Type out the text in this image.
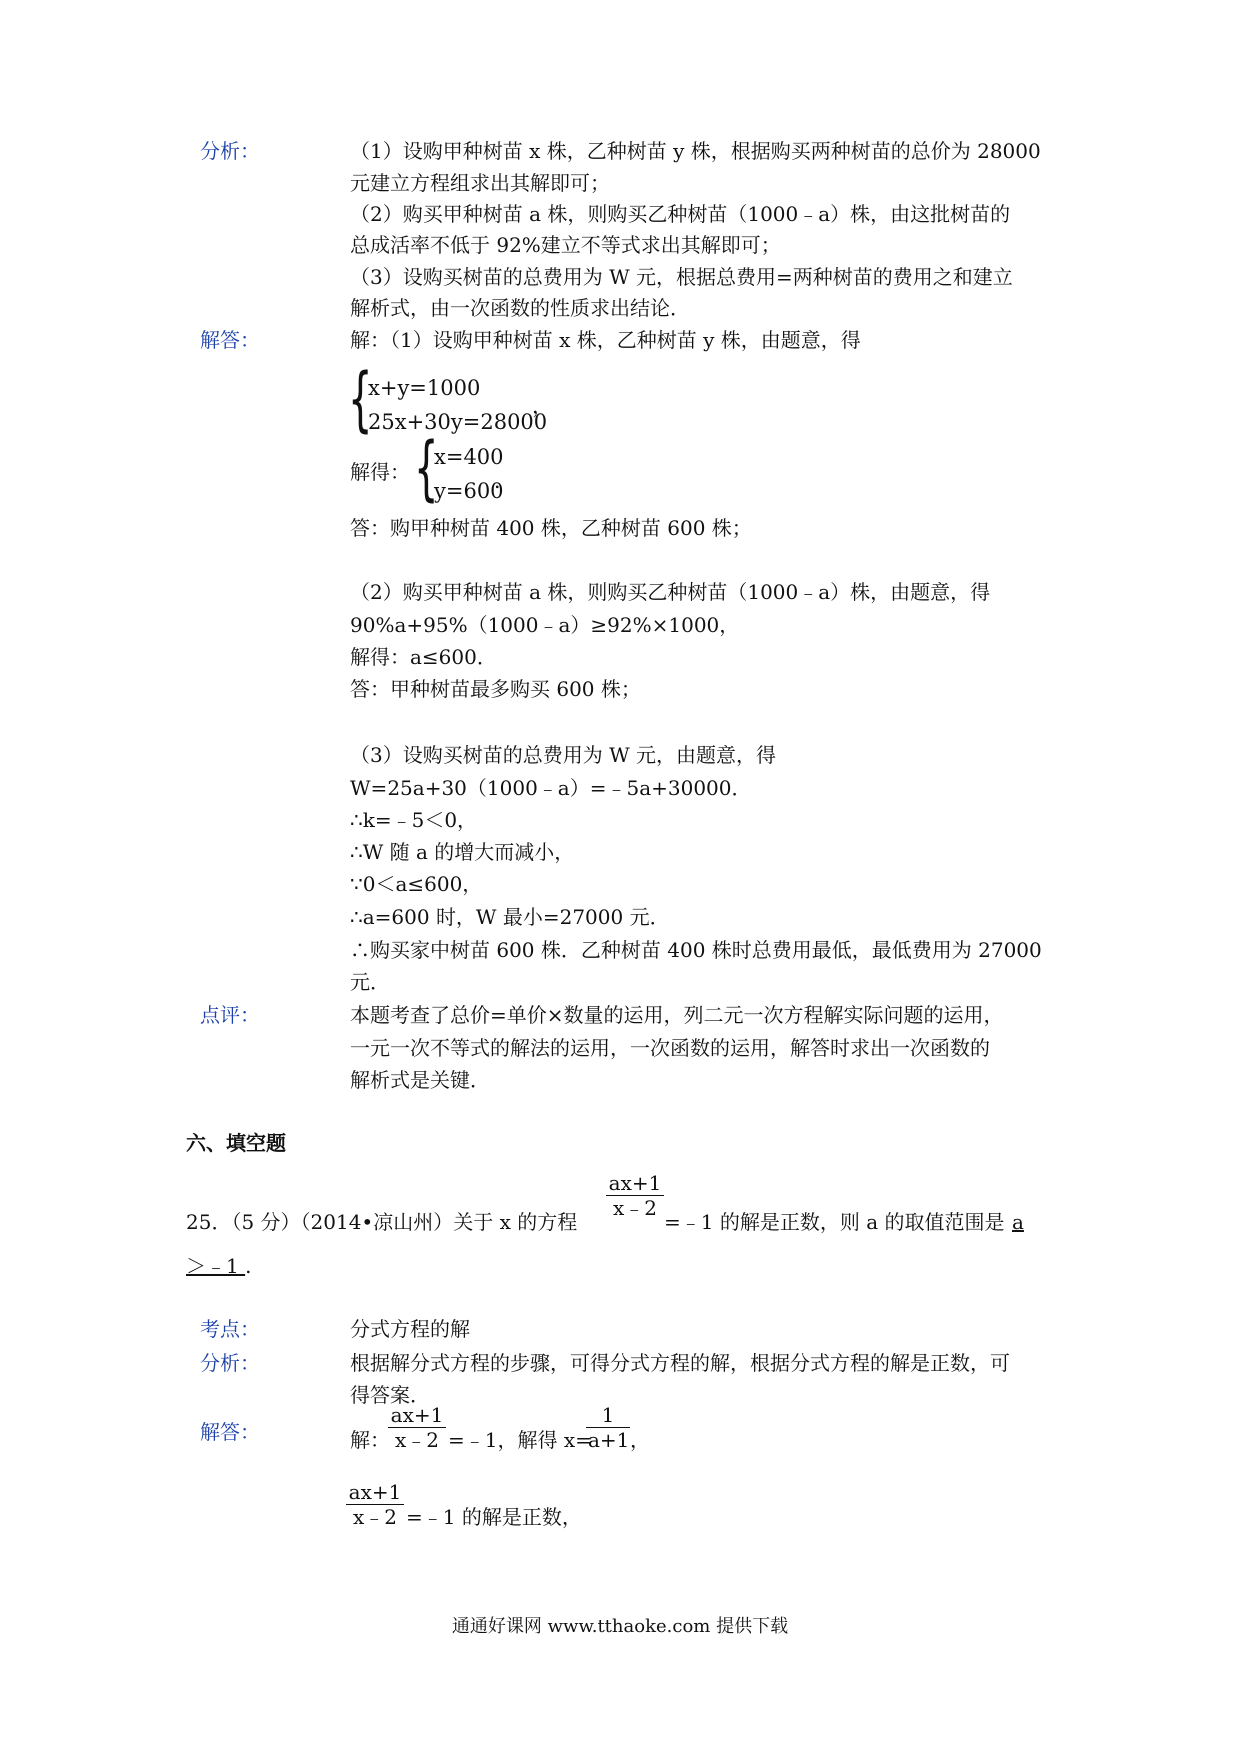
分析：	（1）设购甲种树苗 x 株，乙种树苗 y 株，根据购买两种树苗的总价为 28000
元建立方程组求出其解即可；
（2）购买甲种树苗 a 株，则购买乙种树苗（1000﹣a）株，由这批树苗的
总成活率不低于 92%建立不等式求出其解即可；
（3）设购买树苗的总费用为 W 元，根据总费用=两种树苗的费用之和建立
解析式，由一次函数的性质求出结论．
解答：	解：（1）设购甲种树苗 x 株，乙种树苗 y 株，由题意，得
{
x+y=1000
25x+30y=28000
，
解得： {
x=400
y=600
．
答：购甲种树苗 400 株，乙种树苗 600 株；
（2）购买甲种树苗 a 株，则购买乙种树苗（1000﹣a）株，由题意，得
90%a+95%（1000﹣a）≥92%×1000，
解得：a≤600．
答：甲种树苗最多购买 600 株；
（3）设购买树苗的总费用为 W 元，由题意，得
W=25a+30（1000﹣a）=﹣5a+30000．
∴k=﹣5＜0，
∴W 随 a 的增大而减小，
∵0＜a≤600，
∴a=600 时，W 最小=27000 元．
∴购买家中树苗 600 株．乙种树苗 400 株时总费用最低，最低费用为 27000
元．
点评：	本题考查了总价=单价×数量的运用，列二元一次方程解实际问题的运用，
一元一次不等式的解法的运用，一次函数的运用，解答时求出一次函数的
解析式是关键．
六、填空题
25．（5 分）（2014•凉山州）关于 x 的方程
$\frac{ax+1}{x﹣2}$
=﹣1 的解是正数，则 a 的取值范围是 a
＞﹣1 .
考点：	分式方程的解
分析：	根据解分式方程的步骤，可得分式方程的解，根据分式方程的解是正数，可
得答案．
解答：	解：
$\frac{ax+1}{x﹣2}$ =﹣1，解得 x=
$\frac{1}{a+1}$ ，
$\frac{ax+1}{x﹣2}$ =﹣1 的解是正数，
通通好课网 www.tthaoke.com 提供下载
